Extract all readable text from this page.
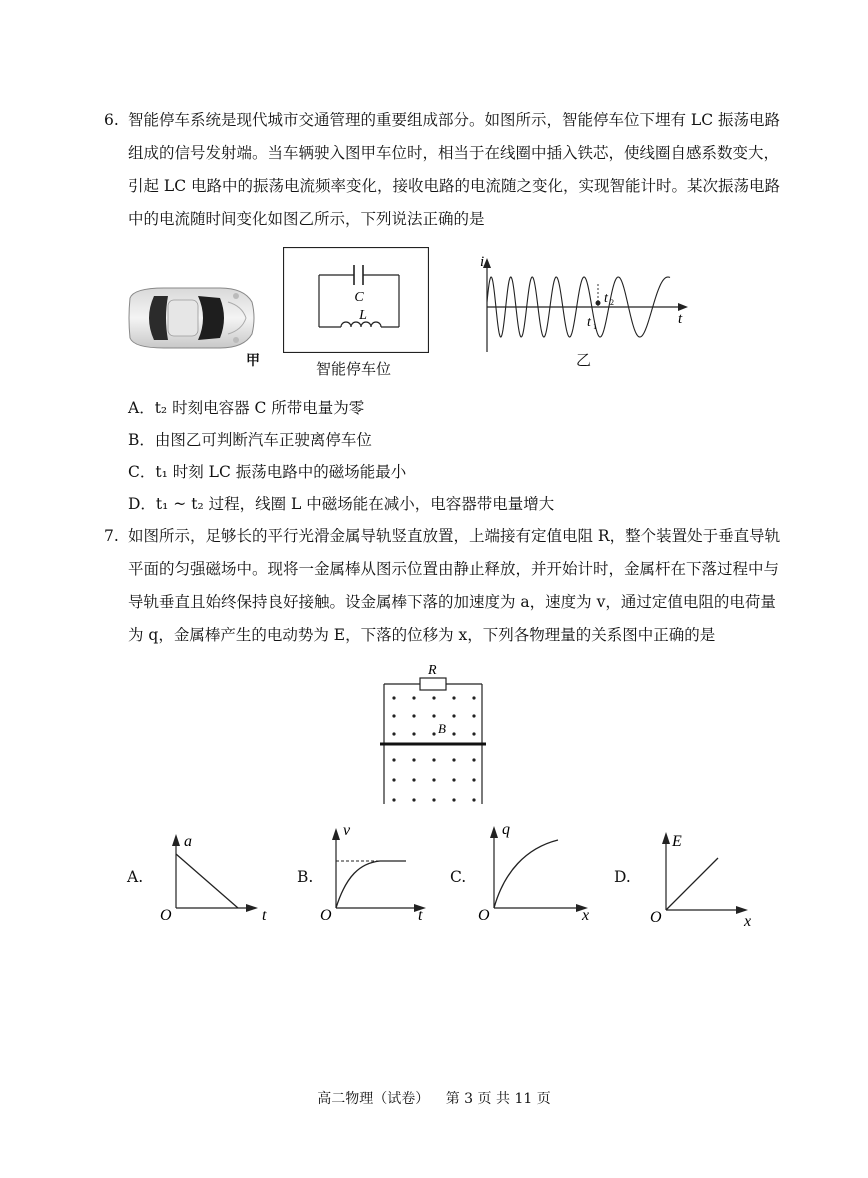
6. 智能停车系统是现代城市交通管理的重要组成部分。如图所示，智能停车位下埋有 LC 振荡电路
组成的信号发射端。当车辆驶入图甲车位时，相当于在线圈中插入铁芯，使线圈自感系数变大，
引起 LC 电路中的振荡电流频率变化，接收电路的电流随之变化，实现智能计时。某次振荡电路
中的电流随时间变化如图乙所示，下列说法正确的是
甲
C
L
智能停车位
i
t
t 1
t 2
乙
A．t₂ 时刻电容器 C 所带电量为零
B．由图乙可判断汽车正驶离停车位
C．t₁ 时刻 LC 振荡电路中的磁场能最小
D．t₁ ~ t₂ 过程，线圈 L 中磁场能在减小，电容器带电量增大
7. 如图所示，足够长的平行光滑金属导轨竖直放置，上端接有定值电阻 R，整个装置处于垂直导轨
平面的匀强磁场中。现将一金属棒从图示位置由静止释放，并开始计时，金属杆在下落过程中与
导轨垂直且始终保持良好接触。设金属棒下落的加速度为 a，速度为 v，通过定值电阻的电荷量
为 q，金属棒产生的电动势为 E，下落的位移为 x，下列各物理量的关系图中正确的是
R
B
A.
a
t
O
B.
v
t
O
C.
q
x
O
D.
E
x
O
高二物理（试卷） 第 3 页 共 11 页
